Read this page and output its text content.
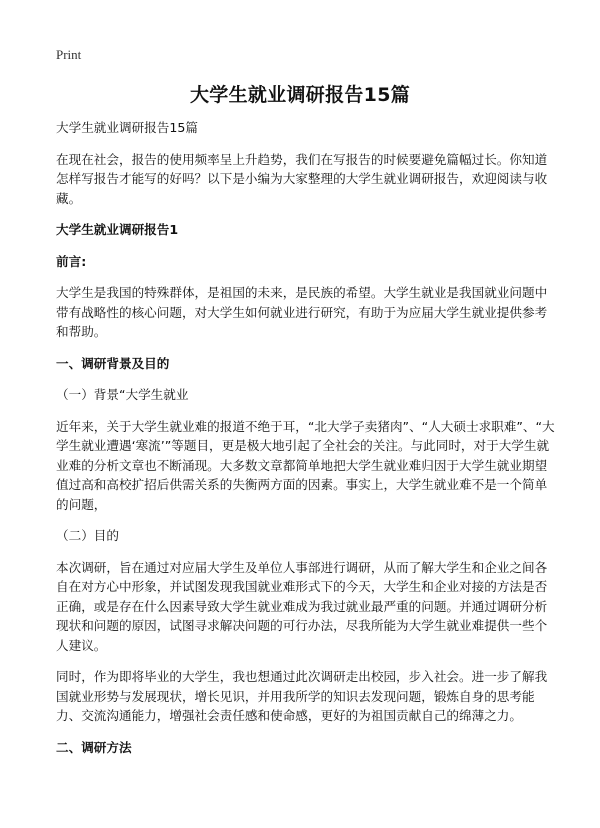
Print
大学生就业调研报告15篇

大学生就业调研报告15篇

在现在社会，报告的使用频率呈上升趋势，我们在写报告的时候要避免篇幅过长。你知道怎样写报告才能写的好吗？以下是小编为大家整理的大学生就业调研报告，欢迎阅读与收藏。

大学生就业调研报告1

前言:

大学生是我国的特殊群体，是祖国的未来，是民族的希望。大学生就业是我国就业问题中带有战略性的核心问题，对大学生如何就业进行研究，有助于为应届大学生就业提供参考和帮助。

一、调研背景及目的

（一）背景“大学生就业

近年来，关于大学生就业难的报道不绝于耳，“北大学子卖猪肉”、“人大硕士求职难”、“大学生就业遭遇‘寒流’”等题目，更是极大地引起了全社会的关注。与此同时，对于大学生就业难的分析文章也不断涌现。大多数文章都简单地把大学生就业难归因于大学生就业期望值过高和高校扩招后供需关系的失衡两方面的因素。事实上，大学生就业难不是一个简单的问题，

（二）目的

本次调研，旨在通过对应届大学生及单位人事部进行调研，从而了解大学生和企业之间各自在对方心中形象，并试图发现我国就业难形式下的今天，大学生和企业对接的方法是否正确，或是存在什么因素导致大学生就业难成为我过就业最严重的问题。并通过调研分析现状和问题的原因，试图寻求解决问题的可行办法，尽我所能为大学生就业难提供一些个人建议。

同时，作为即将毕业的大学生，我也想通过此次调研走出校园，步入社会。进一步了解我国就业形势与发展现状，增长见识，并用我所学的知识去发现问题，锻炼自身的思考能力、交流沟通能力，增强社会责任感和使命感，更好的为祖国贡献自己的绵薄之力。

二、调研方法
